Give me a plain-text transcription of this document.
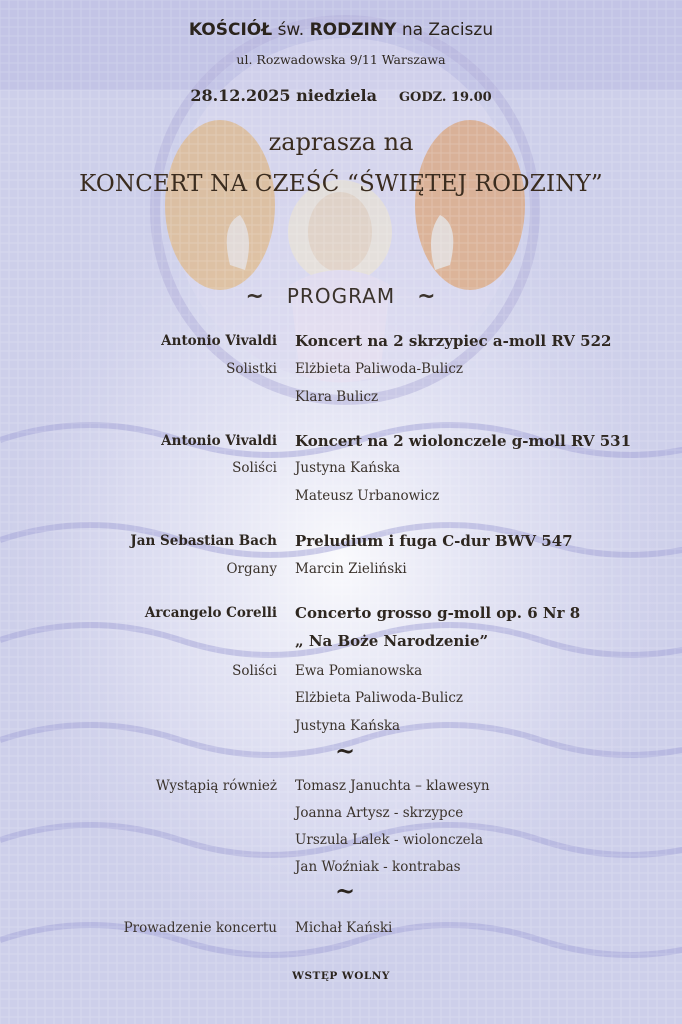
KOŚCIÓŁ św. RODZINY na Zaciszu
ul. Rozwadowska 9/11 Warszawa
28.12.2025 niedziela GODZ. 19.00
zaprasza na
KONCERT NA CZEŚĆ “ŚWIĘTEJ RODZINY”
~ PROGRAM ~
Antonio Vivaldi Koncert na 2 skrzypiec a-moll RV 522
Solistki Elżbieta Paliwoda-Bulicz
Klara Bulicz
Antonio Vivaldi Koncert na 2 wiolonczele g-moll RV 531
Soliści Justyna Kańska
Mateusz Urbanowicz
Jan Sebastian Bach Preludium i fuga C-dur BWV 547
Organy Marcin Zieliński
Arcangelo Corelli Concerto grosso g-moll op. 6 Nr 8
„ Na Boże Narodzenie”
Soliści Ewa Pomianowska
Elżbieta Paliwoda-Bulicz
Justyna Kańska
~
Wystąpią również Tomasz Januchta – klawesyn
Joanna Artysz - skrzypce
Urszula Lalek - wiolonczela
Jan Woźniak - kontrabas
~
Prowadzenie koncertu Michał Kański
WSTĘP WOLNY
